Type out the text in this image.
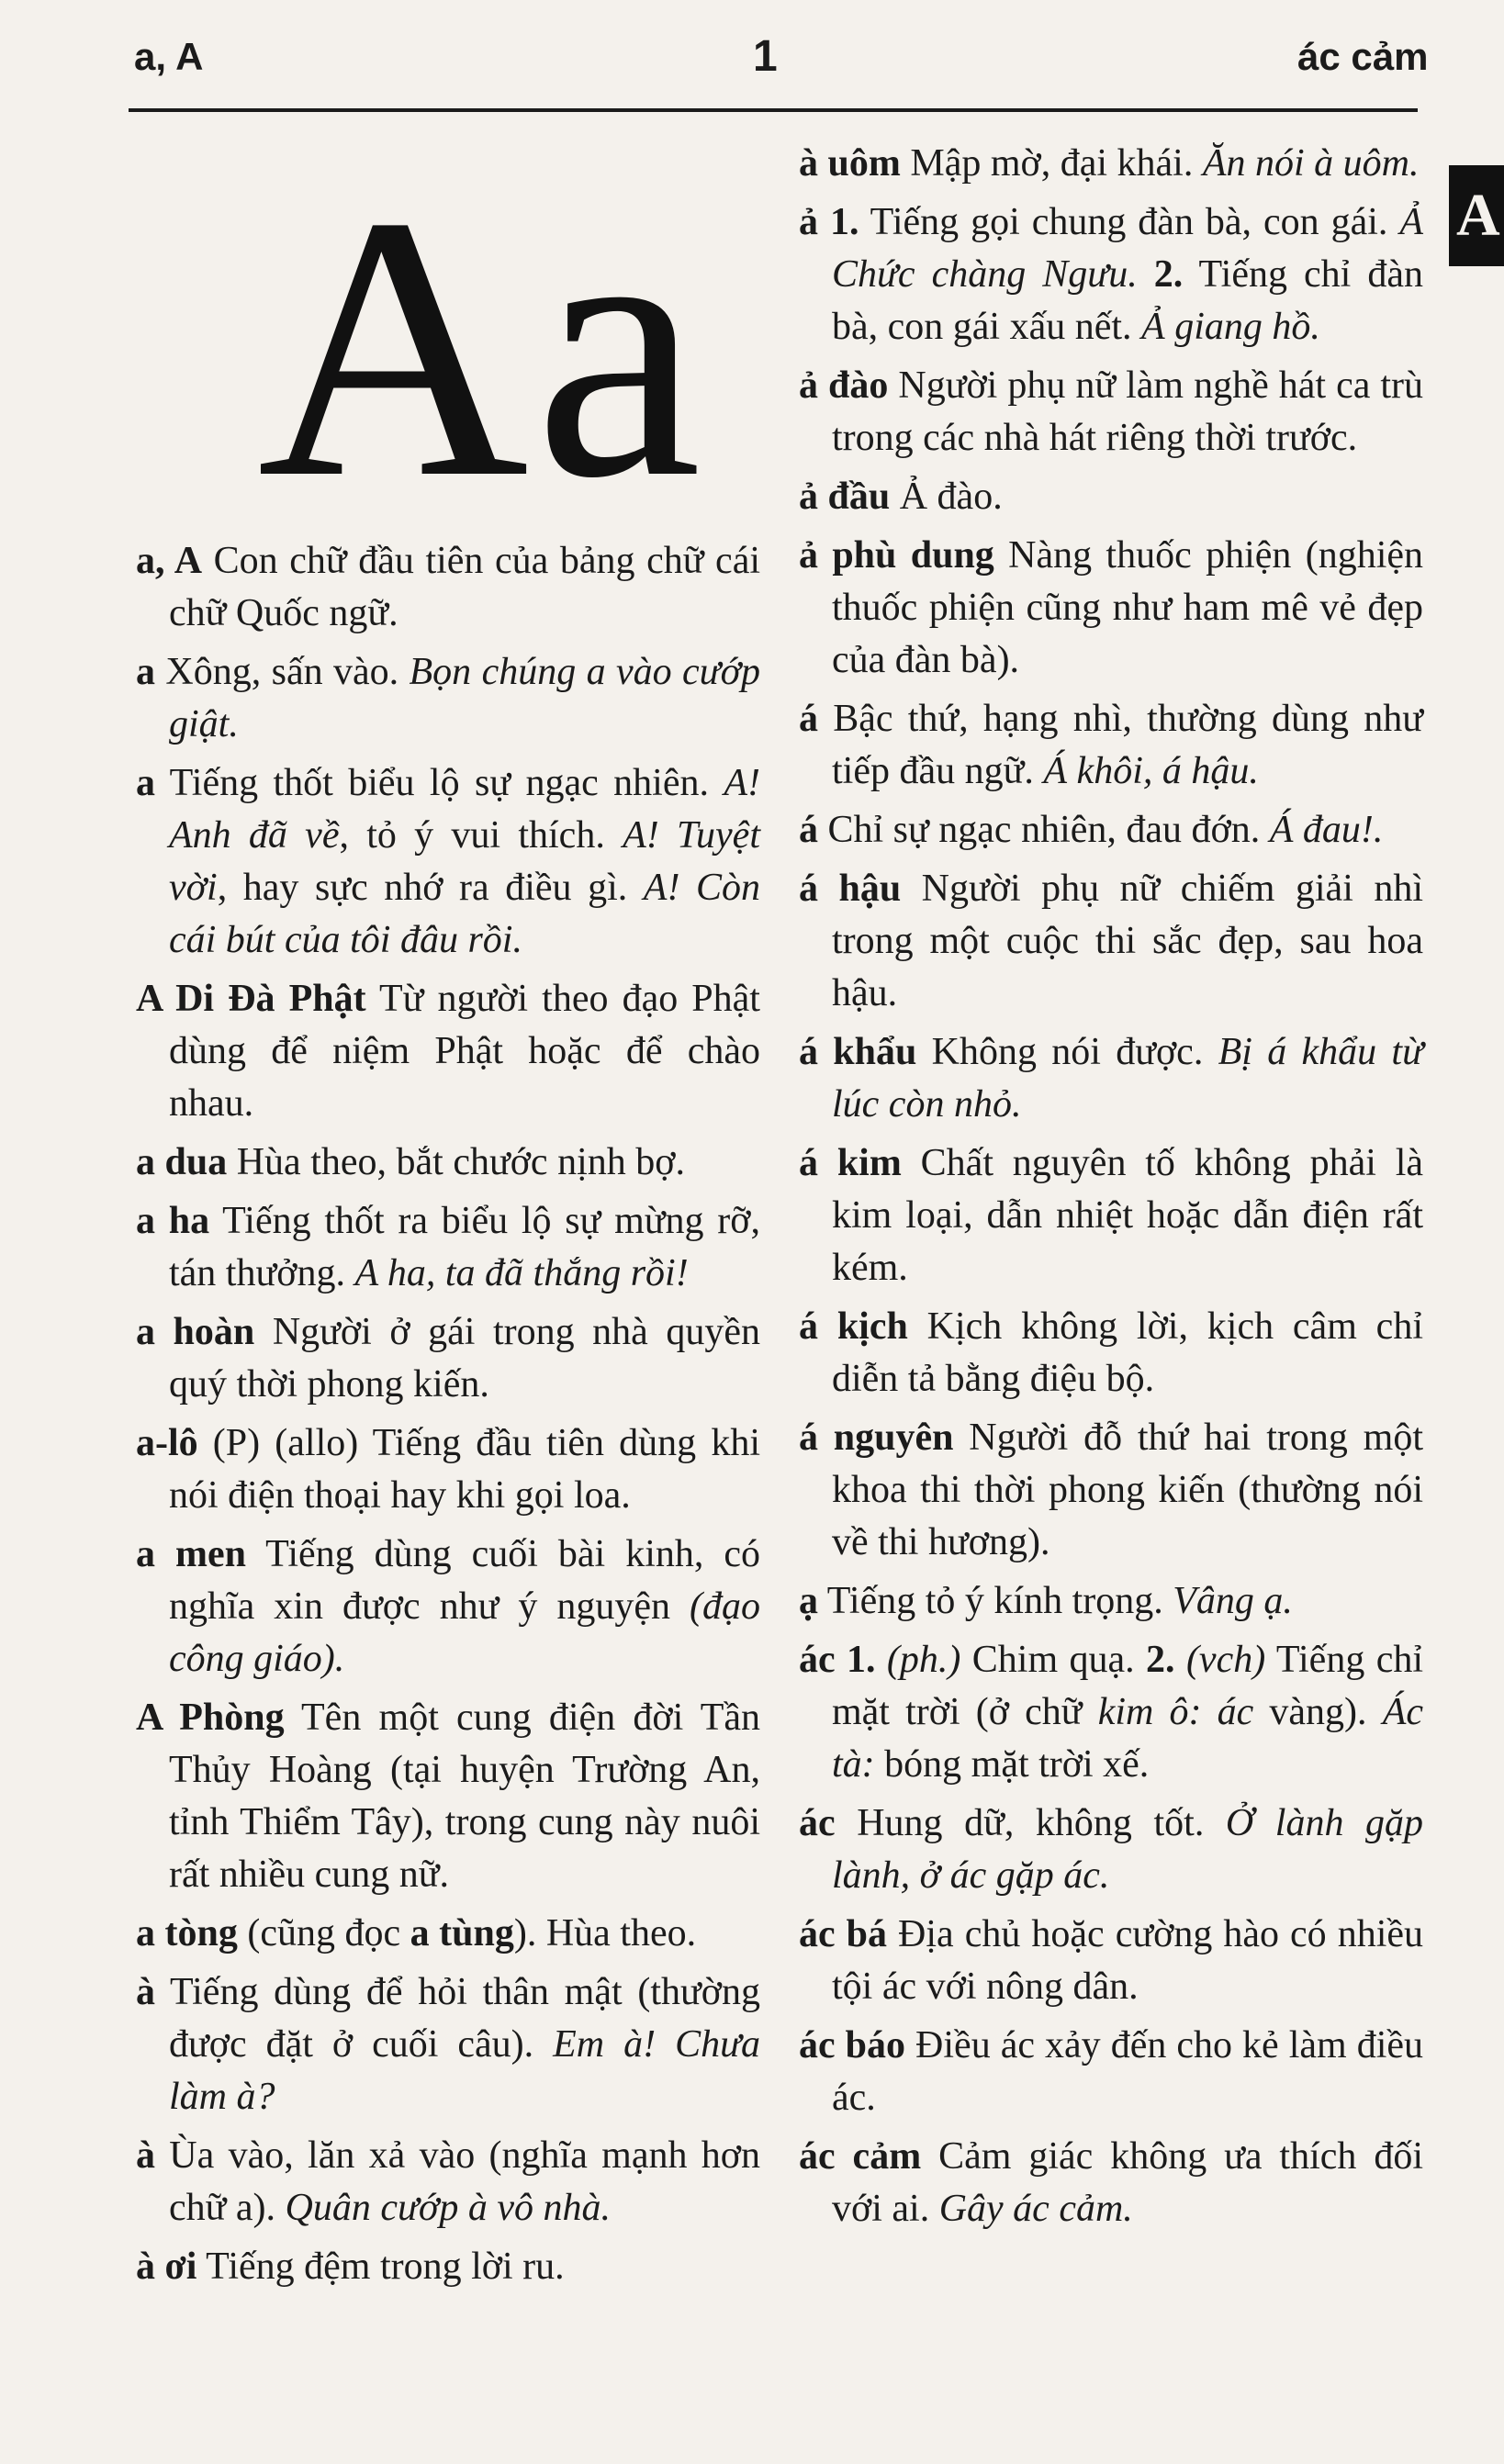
a, A	1	ác cảm
A
Aa

a, A Con chữ đầu tiên của bảng chữ cái chữ Quốc ngữ.

a Xông, sấn vào. Bọn chúng a vào cướp giật.

a Tiếng thốt biểu lộ sự ngạc nhiên. A! Anh đã về, tỏ ý vui thích. A! Tuyệt vời, hay sực nhớ ra điều gì. A! Còn cái bút của tôi đâu rồi.

A Di Đà Phật Từ người theo đạo Phật dùng để niệm Phật hoặc để chào nhau.

a dua Hùa theo, bắt chước nịnh bợ.

a ha Tiếng thốt ra biểu lộ sự mừng rỡ, tán thưởng. A ha, ta đã thắng rồi!

a hoàn Người ở gái trong nhà quyền quý thời phong kiến.

a-lô (P) (allo) Tiếng đầu tiên dùng khi nói điện thoại hay khi gọi loa.

a men Tiếng dùng cuối bài kinh, có nghĩa xin được như ý nguyện (đạo công giáo).

A Phòng Tên một cung điện đời Tần Thủy Hoàng (tại huyện Trường An, tỉnh Thiểm Tây), trong cung này nuôi rất nhiều cung nữ.

a tòng (cũng đọc a tùng). Hùa theo.

à Tiếng dùng để hỏi thân mật (thường được đặt ở cuối câu). Em à! Chưa làm à?

à Ùa vào, lăn xả vào (nghĩa mạnh hơn chữ a). Quân cướp à vô nhà.

à ơi Tiếng đệm trong lời ru.

à uôm Mập mờ, đại khái. Ăn nói à uôm.

ả 1. Tiếng gọi chung đàn bà, con gái. Ả Chức chàng Ngưu. 2. Tiếng chỉ đàn bà, con gái xấu nết. Ả giang hồ.

ả đào Người phụ nữ làm nghề hát ca trù trong các nhà hát riêng thời trước.

ả đầu Ả đào.

ả phù dung Nàng thuốc phiện (nghiện thuốc phiện cũng như ham mê vẻ đẹp của đàn bà).

á Bậc thứ, hạng nhì, thường dùng như tiếp đầu ngữ. Á khôi, á hậu.

á Chỉ sự ngạc nhiên, đau đớn. Á đau!.

á hậu Người phụ nữ chiếm giải nhì trong một cuộc thi sắc đẹp, sau hoa hậu.

á khẩu Không nói được. Bị á khẩu từ lúc còn nhỏ.

á kim Chất nguyên tố không phải là kim loại, dẫn nhiệt hoặc dẫn điện rất kém.

á kịch Kịch không lời, kịch câm chỉ diễn tả bằng điệu bộ.

á nguyên Người đỗ thứ hai trong một khoa thi thời phong kiến (thường nói về thi hương).

ạ Tiếng tỏ ý kính trọng. Vâng ạ.

ác 1. (ph.) Chim quạ. 2. (vch) Tiếng chỉ mặt trời (ở chữ kim ô: ác vàng). Ác tà: bóng mặt trời xế.

ác Hung dữ, không tốt. Ở lành gặp lành, ở ác gặp ác.

ác bá Địa chủ hoặc cường hào có nhiều tội ác với nông dân.

ác báo Điều ác xảy đến cho kẻ làm điều ác.

ác cảm Cảm giác không ưa thích đối với ai. Gây ác cảm.
